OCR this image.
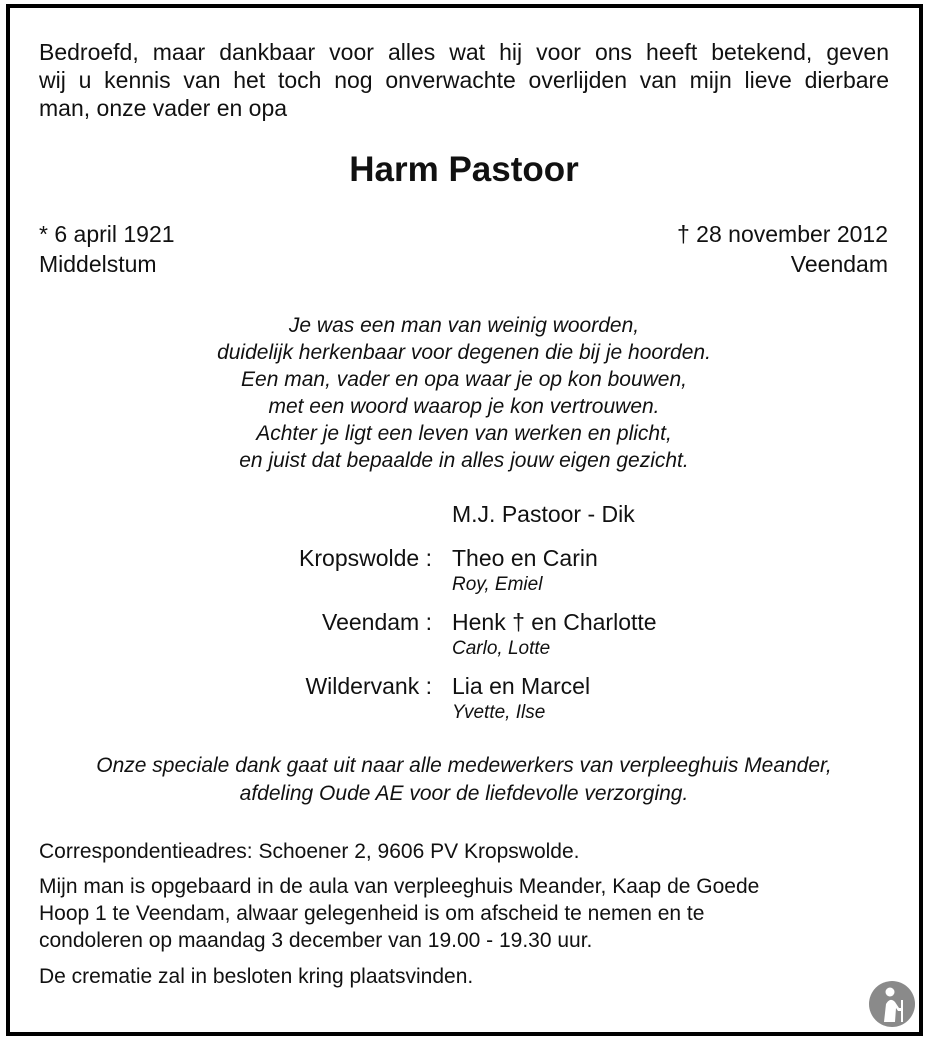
Bedroefd, maar dankbaar voor alles wat hij voor ons heeft betekend, geven
wij u kennis van het toch nog onverwachte overlijden van mijn lieve dierbare
man, onze vader en opa
Harm Pastoor
* 6 april 1921
Middelstum
† 28 november 2012
Veendam
Je was een man van weinig woorden,
duidelijk herkenbaar voor degenen die bij je hoorden.
Een man, vader en opa waar je op kon bouwen,
met een woord waarop je kon vertrouwen.
Achter je ligt een leven van werken en plicht,
en juist dat bepaalde in alles jouw eigen gezicht.
M.J. Pastoor - Dik
Kropswolde : Theo en Carin
Roy, Emiel
Veendam : Henk † en Charlotte
Carlo, Lotte
Wildervank : Lia en Marcel
Yvette, Ilse
Onze speciale dank gaat uit naar alle medewerkers van verpleeghuis Meander,
afdeling Oude AE voor de liefdevolle verzorging.
Correspondentieadres: Schoener 2, 9606 PV Kropswolde.
Mijn man is opgebaard in de aula van verpleeghuis Meander, Kaap de Goede
Hoop 1 te Veendam, alwaar gelegenheid is om afscheid te nemen en te
condoleren op maandag 3 december van 19.00 - 19.30 uur.
De crematie zal in besloten kring plaatsvinden.
